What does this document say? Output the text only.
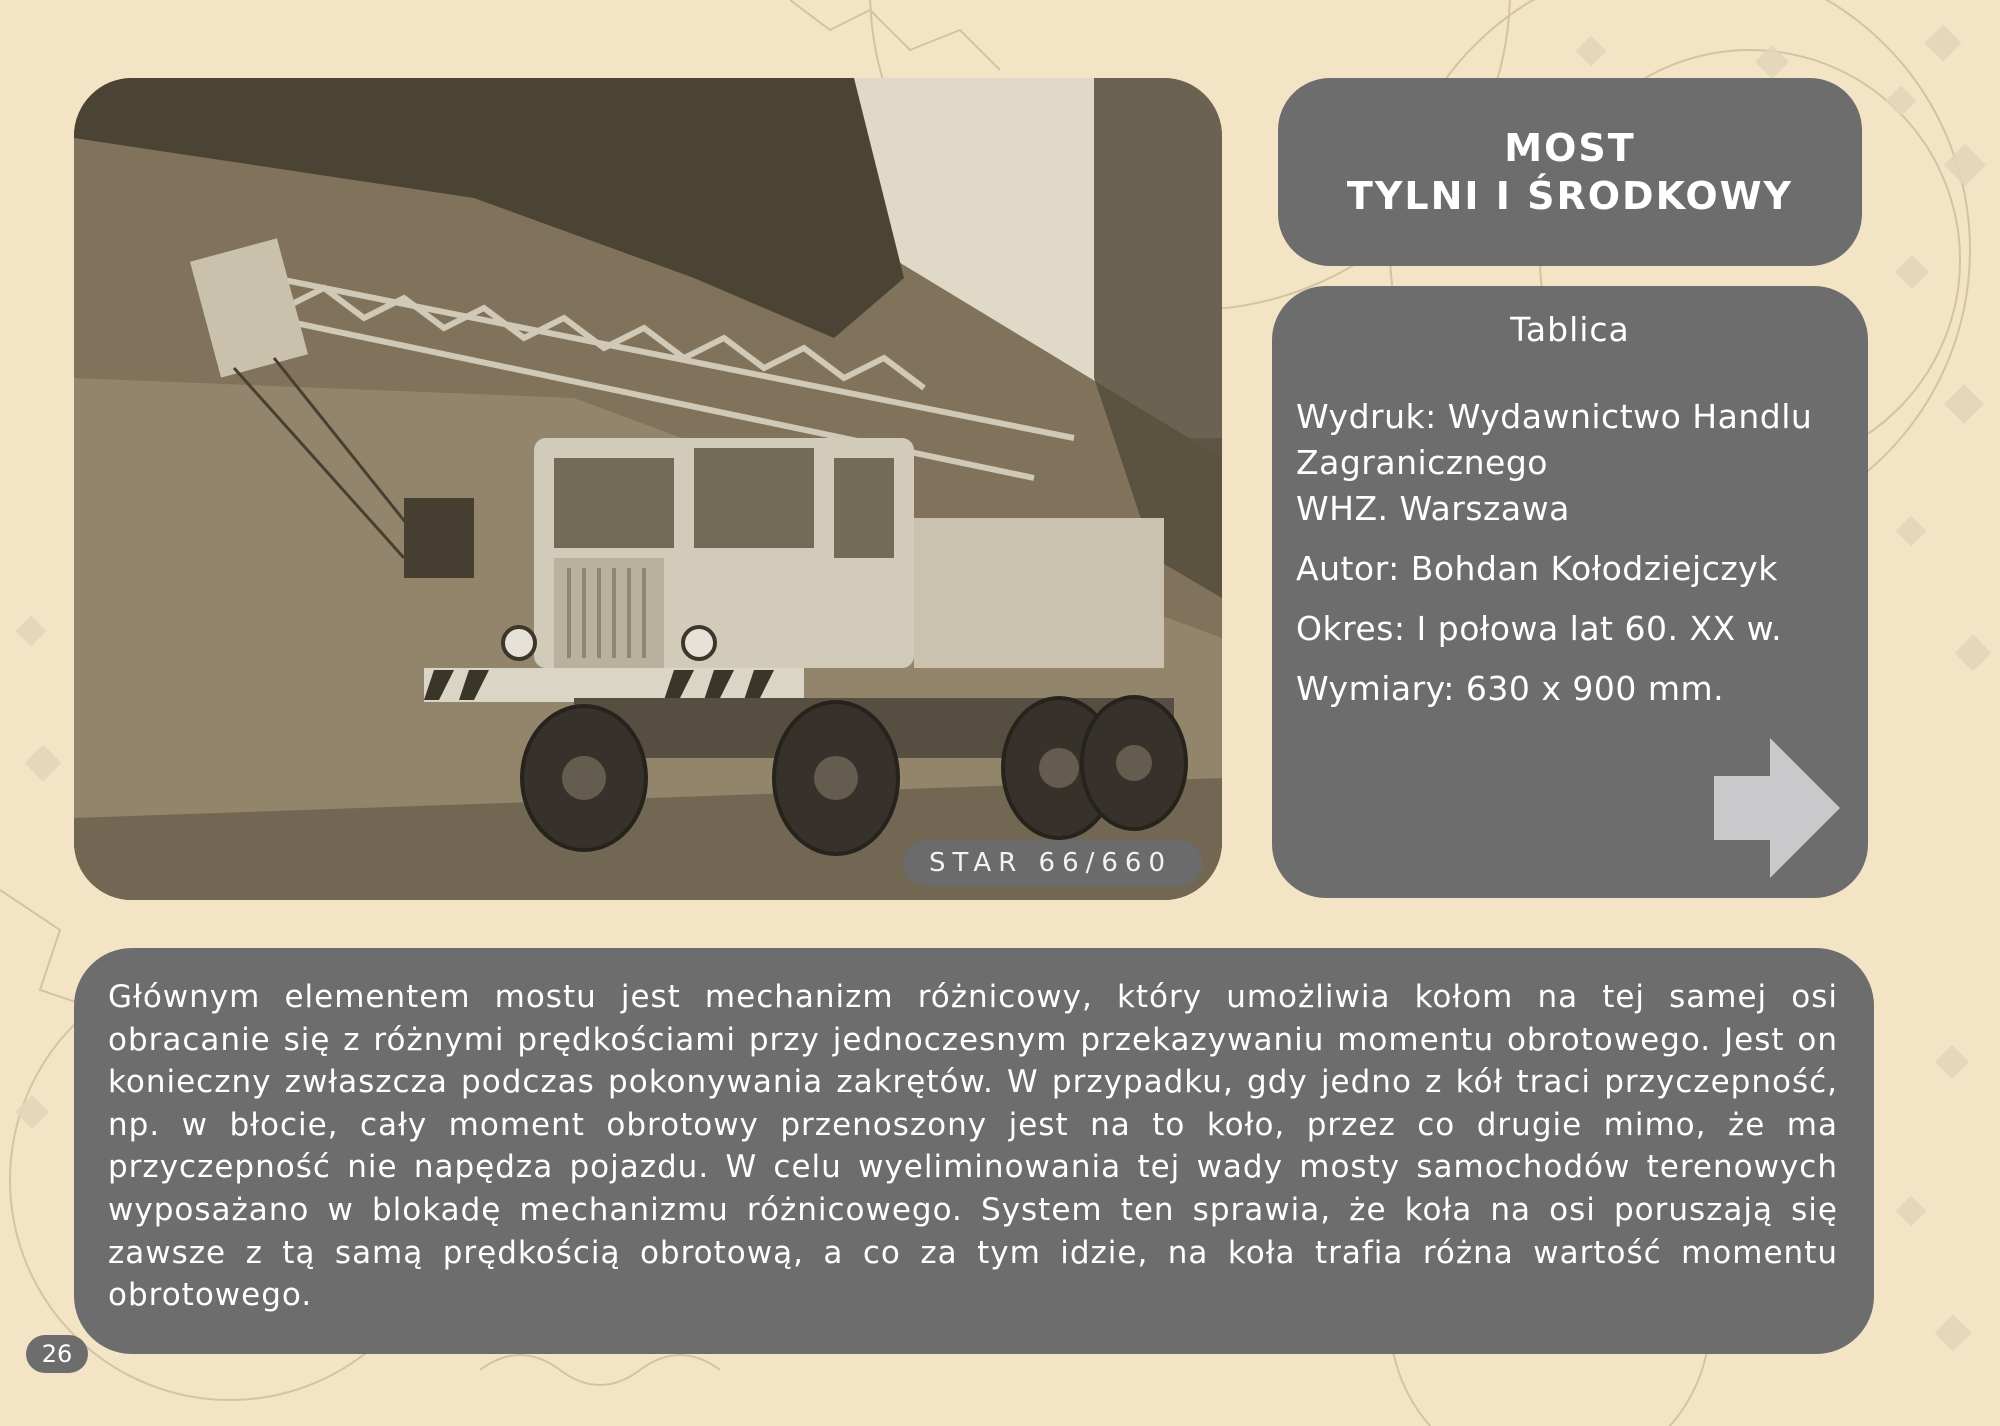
STAR 66/660
MOST
TYLNI I ŚRODKOWY
Tablica
Wydruk: Wydawnictwo Handlu
Zagranicznego
WHZ. Warszawa
Autor: Bohdan Kołodziejczyk
Okres: I połowa lat 60. XX w.
Wymiary: 630 x 900 mm.
Głównym elementem mostu jest mechanizm różnicowy, który umożliwia kołom na tej samej osi obracanie się z różnymi prędkościami przy jednoczesnym przekazywaniu momentu obrotowego. Jest on konieczny zwłaszcza podczas pokonywania zakrętów. W przypadku, gdy jedno z kół traci przyczepność, np. w błocie, cały moment obrotowy przenoszony jest na to koło, przez co drugie mimo, że ma przyczepność nie napędza pojazdu. W celu wyeliminowania tej wady mosty samochodów terenowych wyposażano w blokadę mechanizmu różnicowego. System ten sprawia, że koła na osi poruszają się zawsze z tą samą prędkością obrotową, a co za tym idzie, na koła trafia różna wartość momentu obrotowego.
26
